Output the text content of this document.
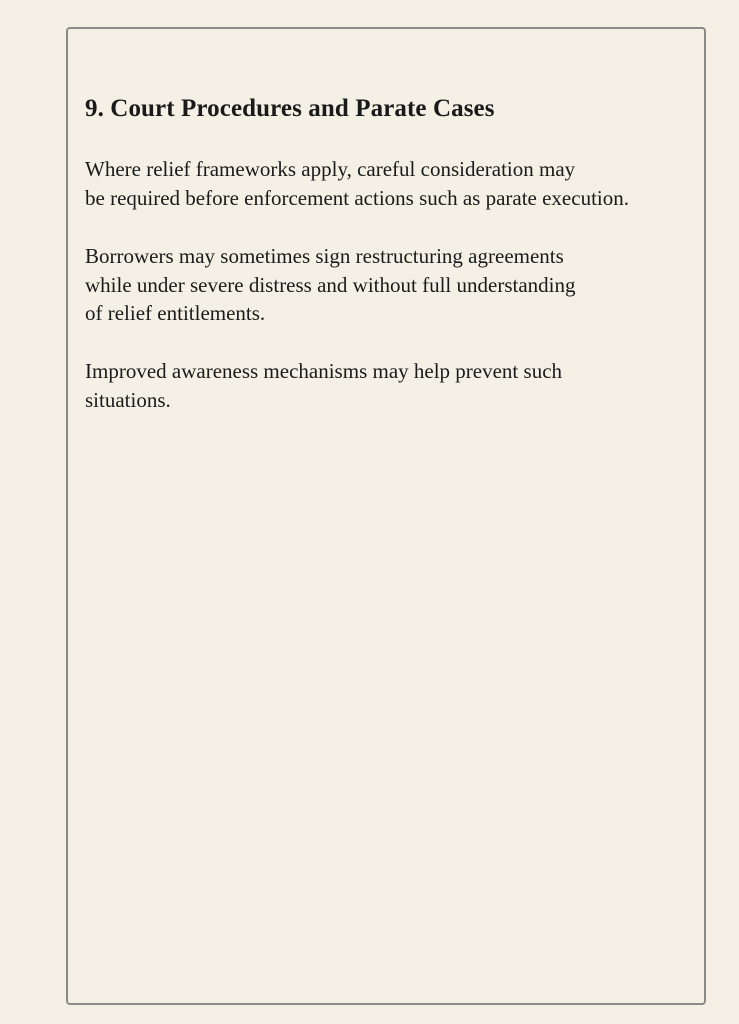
9. Court Procedures and Parate Cases

Where relief frameworks apply, careful consideration may
be required before enforcement actions such as parate execution.

Borrowers may sometimes sign restructuring agreements
while under severe distress and without full understanding
of relief entitlements.

Improved awareness mechanisms may help prevent such
situations.
